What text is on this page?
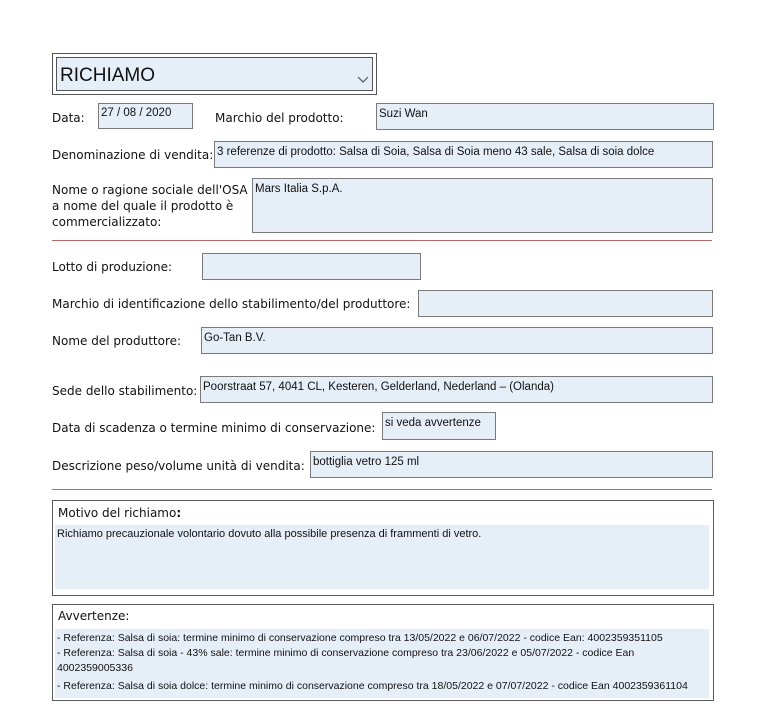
RICHIAMO
Data: 27 / 08 / 2020	Marchio del prodotto:	Suzi Wan
Denominazione di vendita: 3 referenze di prodotto: Salsa di Soia, Salsa di Soia meno 43 sale, Salsa di soia dolce
Nome o ragione sociale dell'OSA
a nome del quale il prodotto è
commercializzato:
Mars Italia S.p.A.
Lotto di produzione:
Marchio di identificazione dello stabilimento/del produttore:
Nome del produttore: Go-Tan B.V.
Sede dello stabilimento: Poorstraat 57, 4041 CL, Kesteren, Gelderland, Nederland – (Olanda)
Data di scadenza o termine minimo di conservazione: si veda avvertenze
Descrizione peso/volume unità di vendita: bottiglia vetro 125 ml
Motivo del richiamo:
Richiamo precauzionale volontario dovuto alla possibile presenza di frammenti di vetro.
Avvertenze:
- Referenza: Salsa di soia: termine minimo di conservazione compreso tra 13/05/2022 e 06/07/2022 - codice Ean: 4002359351105
- Referenza: Salsa di soia - 43% sale: termine minimo di conservazione compreso tra 23/06/2022 e 05/07/2022 - codice Ean
4002359005336
- Referenza: Salsa di soia dolce: termine minimo di conservazione compreso tra 18/05/2022 e 07/07/2022 - codice Ean 4002359361104
